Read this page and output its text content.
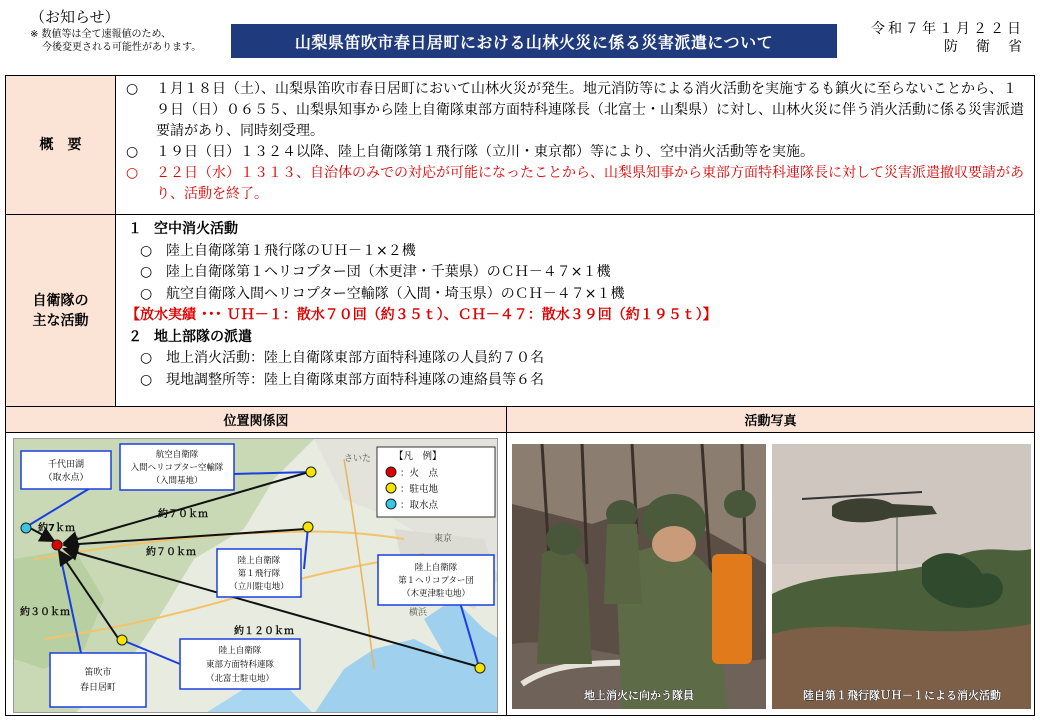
（お知らせ）
※ 数値等は全て速報値のため、
今後変更される可能性があります。	山梨県笛吹市春日居町における山林火災に係る災害派遣について
令和７年１月２２日
防　衛　省
概　要
○	１月１８日（土）、山梨県笛吹市春日居町において山林火災が発生。地元消防等による消火活動を実施するも鎮火に至らないことから、１９日（日）０６５５、山梨県知事から陸上自衛隊東部方面特科連隊長（北富士・山梨県）に対し、山林火災に伴う消火活動に係る災害派遣要請があり、同時刻受理。
○	１９日（日）１３２４以降、陸上自衛隊第１飛行隊（立川・東京都）等により、空中消火活動等を実施。
○	２２日（水）１３１３、自治体のみでの対応が可能になったことから、山梨県知事から東部方面特科連隊長に対して災害派遣撤収要請があり、活動を終了。
自衛隊の
主な活動
１ 空中消火活動
○ 陸上自衛隊第１飛行隊のＵＨ－１×２機
○ 陸上自衛隊第１ヘリコプター団（木更津・千葉県）のＣＨ－４７×１機
○ 航空自衛隊入間ヘリコプター空輸隊（入間・埼玉県）のＣＨ－４７×１機
【放水実績 ･･･ ＵＨ－１：散水７０回（約３５ｔ）、ＣＨ－４７：散水３９回（約１９５ｔ）】
２ 地上部隊の派遣
○ 地上消火活動：陸上自衛隊東部方面特科連隊の人員約７０名
○ 現地調整所等：陸上自衛隊東部方面特科連隊の連絡員等６名
位置関係図	活動写真
さいた
東京
横浜
約7ｋｍ
約７０ｋｍ
約７０ｋｍ
約３０ｋｍ
約１２０ｋｍ
千代田湖
（取水点）
航空自衛隊
入間ヘリコプター空輸隊
（入間基地）
陸上自衛隊
第１飛行隊
（立川駐屯地）
陸上自衛隊
第１ヘリコプター団
（木更津駐屯地）
陸上自衛隊
東部方面特科連隊
（北富士駐屯地）
笛吹市
春日居町
【凡　例】
：火　点
：駐屯地
：取水点
地上消火に向かう隊員	陸自第１飛行隊ＵＨ－１による消火活動
